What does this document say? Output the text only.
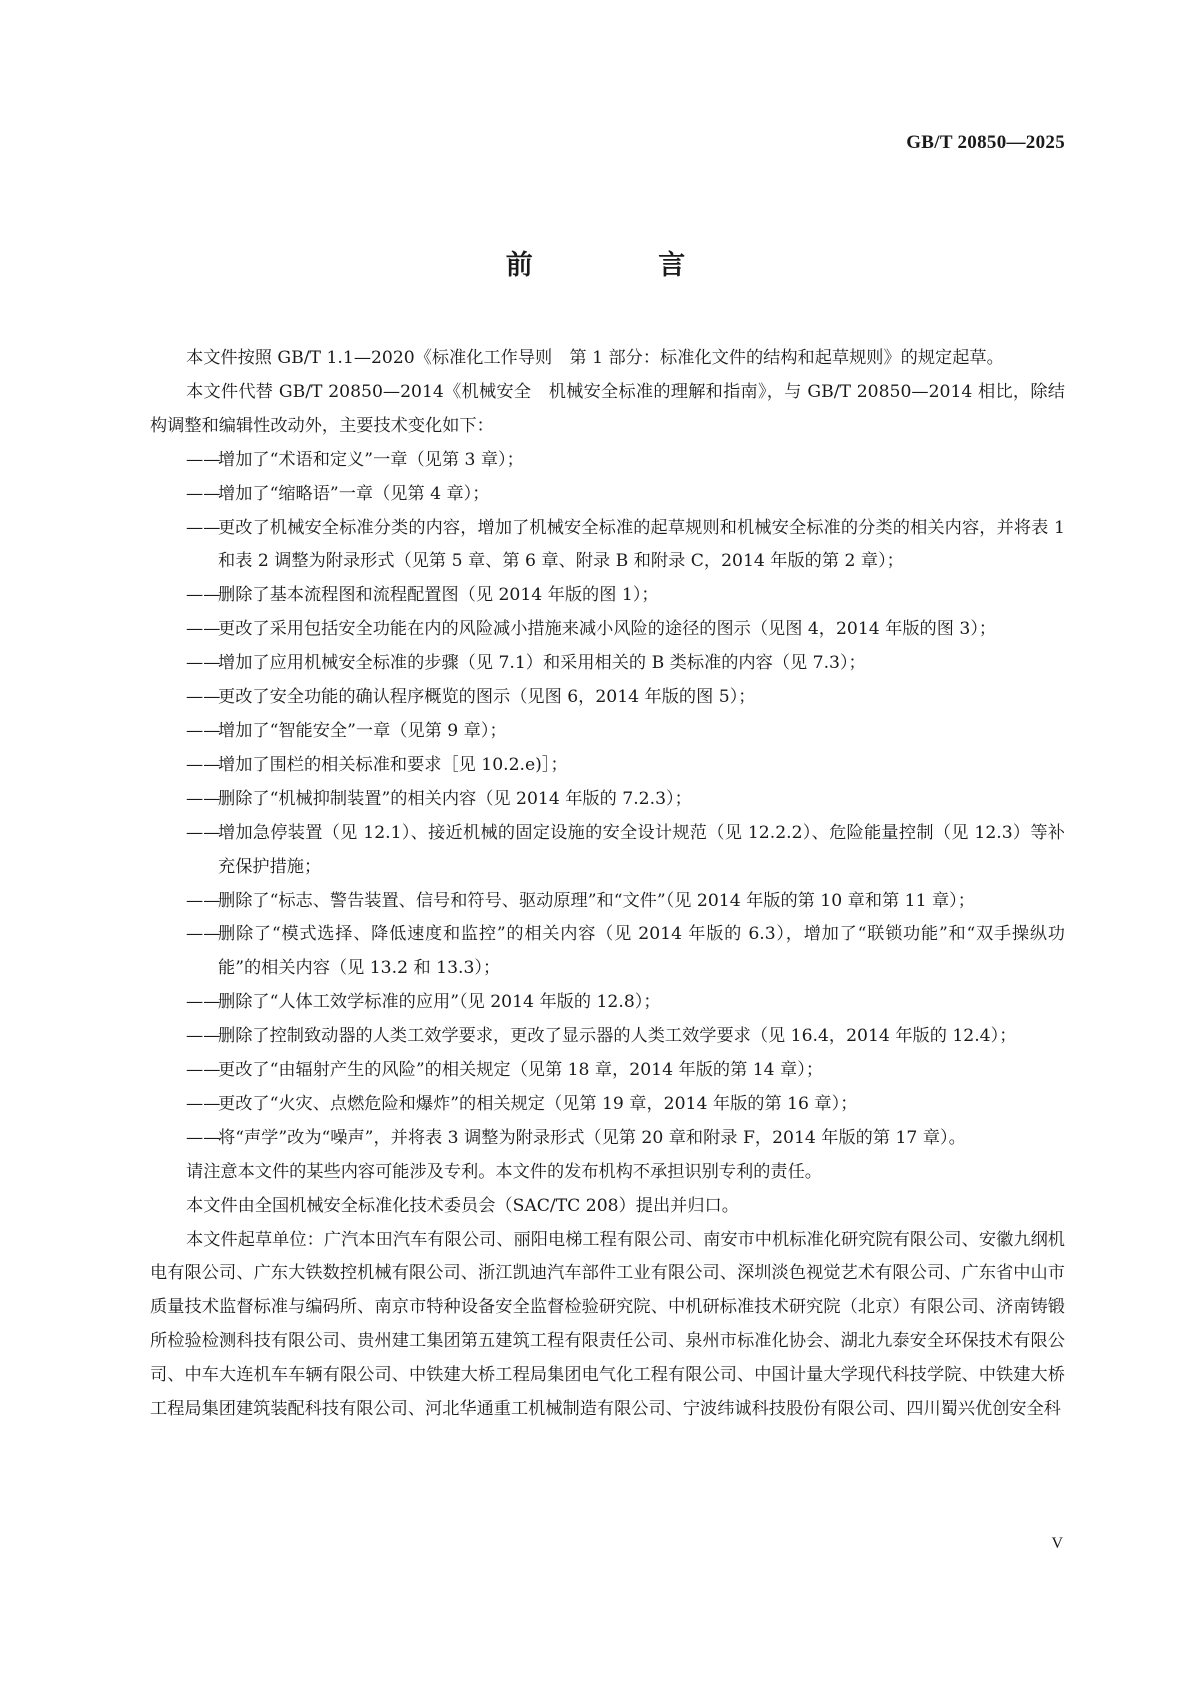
GB/T 20850—2025
前 言

本文件按照 GB/T 1.1—2020《标准化工作导则　第 1 部分：标准化文件的结构和起草规则》的规定起草。

本文件代替 GB/T 20850—2014《机械安全　机械安全标准的理解和指南》，与 GB/T 20850—2014 相比，除结构调整和编辑性改动外，主要技术变化如下：

——
增加了“术语和定义”一章（见第 3 章）；

——
增加了“缩略语”一章（见第 4 章）；

——
更改了机械安全标准分类的内容，增加了机械安全标准的起草规则和机械安全标准的分类的相关内容，并将表 1 和表 2 调整为附录形式（见第 5 章、第 6 章、附录 B 和附录 C，2014 年版的第 2 章）；

——
删除了基本流程图和流程配置图（见 2014 年版的图 1）；

——
更改了采用包括安全功能在内的风险减小措施来减小风险的途径的图示（见图 4，2014 年版的图 3）；

——
增加了应用机械安全标准的步骤（见 7.1）和采用相关的 B 类标准的内容（见 7.3）；

——
更改了安全功能的确认程序概览的图示（见图 6，2014 年版的图 5）；

——
增加了“智能安全”一章（见第 9 章）；

——
增加了围栏的相关标准和要求［见 10.2.e)］；

——
删除了“机械抑制装置”的相关内容（见 2014 年版的 7.2.3）；

——
增加急停装置（见 12.1）、接近机械的固定设施的安全设计规范（见 12.2.2）、危险能量控制（见 12.3）等补充保护措施；

——
删除了“标志、警告装置、信号和符号、驱动原理”和“文件”（见 2014 年版的第 10 章和第 11 章）；

——
删除了“模式选择、降低速度和监控”的相关内容（见 2014 年版的 6.3），增加了“联锁功能”和“双手操纵功能”的相关内容（见 13.2 和 13.3）；

——
删除了“人体工效学标准的应用”（见 2014 年版的 12.8）；

——
删除了控制致动器的人类工效学要求，更改了显示器的人类工效学要求（见 16.4，2014 年版的 12.4）；

——
更改了“由辐射产生的风险”的相关规定（见第 18 章，2014 年版的第 14 章）；

——
更改了“火灾、点燃危险和爆炸”的相关规定（见第 19 章，2014 年版的第 16 章）；

——
将“声学”改为“噪声”，并将表 3 调整为附录形式（见第 20 章和附录 F，2014 年版的第 17 章）。

请注意本文件的某些内容可能涉及专利。本文件的发布机构不承担识别专利的责任。

本文件由全国机械安全标准化技术委员会（SAC/TC 208）提出并归口。

本文件起草单位：广汽本田汽车有限公司、丽阳电梯工程有限公司、南安市中机标准化研究院有限公司、安徽九纲机电有限公司、广东大铁数控机械有限公司、浙江凯迪汽车部件工业有限公司、深圳淡色视觉艺术有限公司、广东省中山市质量技术监督标准与编码所、南京市特种设备安全监督检验研究院、中机研标准技术研究院（北京）有限公司、济南铸锻所检验检测科技有限公司、贵州建工集团第五建筑工程有限责任公司、泉州市标准化协会、湖北九泰安全环保技术有限公司、中车大连机车车辆有限公司、中铁建大桥工程局集团电气化工程有限公司、中国计量大学现代科技学院、中铁建大桥工程局集团建筑装配科技有限公司、河北华通重工机械制造有限公司、宁波纬诚科技股份有限公司、四川蜀兴优创安全科

V
